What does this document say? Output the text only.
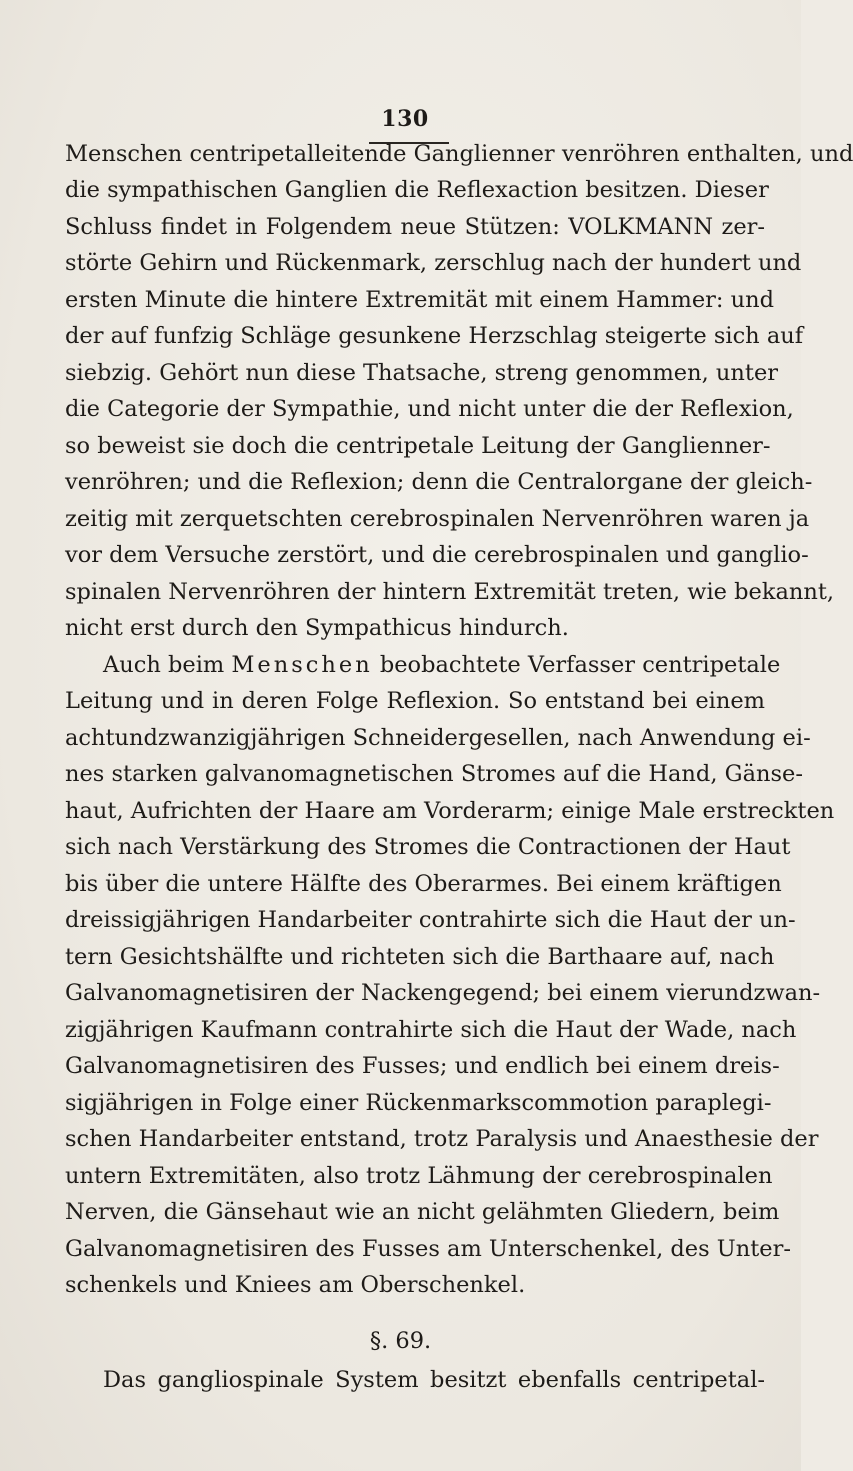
130
Menschen centripetalleitende Ganglienner venröhren enthalten, und
die sympathischen Ganglien die Reflexaction besitzen. Dieser
Schluss findet in Folgendem neue Stützen: VOLKMANN zer-
störte Gehirn und Rückenmark, zerschlug nach der hundert und
ersten Minute die hintere Extremität mit einem Hammer: und
der auf funfzig Schläge gesunkene Herzschlag steigerte sich auf
siebzig. Gehört nun diese Thatsache, streng genommen, unter
die Categorie der Sympathie, und nicht unter die der Reflexion,
so beweist sie doch die centripetale Leitung der Ganglienner-
venröhren; und die Reflexion; denn die Centralorgane der gleich-
zeitig mit zerquetschten cerebrospinalen Nervenröhren waren ja
vor dem Versuche zerstört, und die cerebrospinalen und ganglio-
spinalen Nervenröhren der hintern Extremität treten, wie bekannt,
nicht erst durch den Sympathicus hindurch.
Auch beim Menschen beobachtete Verfasser centripetale
Leitung und in deren Folge Reflexion. So entstand bei einem
achtundzwanzigjährigen Schneidergesellen, nach Anwendung ei-
nes starken galvanomagnetischen Stromes auf die Hand, Gänse-
haut, Aufrichten der Haare am Vorderarm; einige Male erstreckten
sich nach Verstärkung des Stromes die Contractionen der Haut
bis über die untere Hälfte des Oberarmes. Bei einem kräftigen
dreissigjährigen Handarbeiter contrahirte sich die Haut der un-
tern Gesichtshälfte und richteten sich die Barthaare auf, nach
Galvanomagnetisiren der Nackengegend; bei einem vierundzwan-
zigjährigen Kaufmann contrahirte sich die Haut der Wade, nach
Galvanomagnetisiren des Fusses; und endlich bei einem dreis-
sigjährigen in Folge einer Rückenmarkscommotion paraplegi-
schen Handarbeiter entstand, trotz Paralysis und Anaesthesie der
untern Extremitäten, also trotz Lähmung der cerebrospinalen
Nerven, die Gänsehaut wie an nicht gelähmten Gliedern, beim
Galvanomagnetisiren des Fusses am Unterschenkel, des Unter-
schenkels und Kniees am Oberschenkel.
§. 69.
Das gangliospinale System besitzt ebenfalls centripetal-
